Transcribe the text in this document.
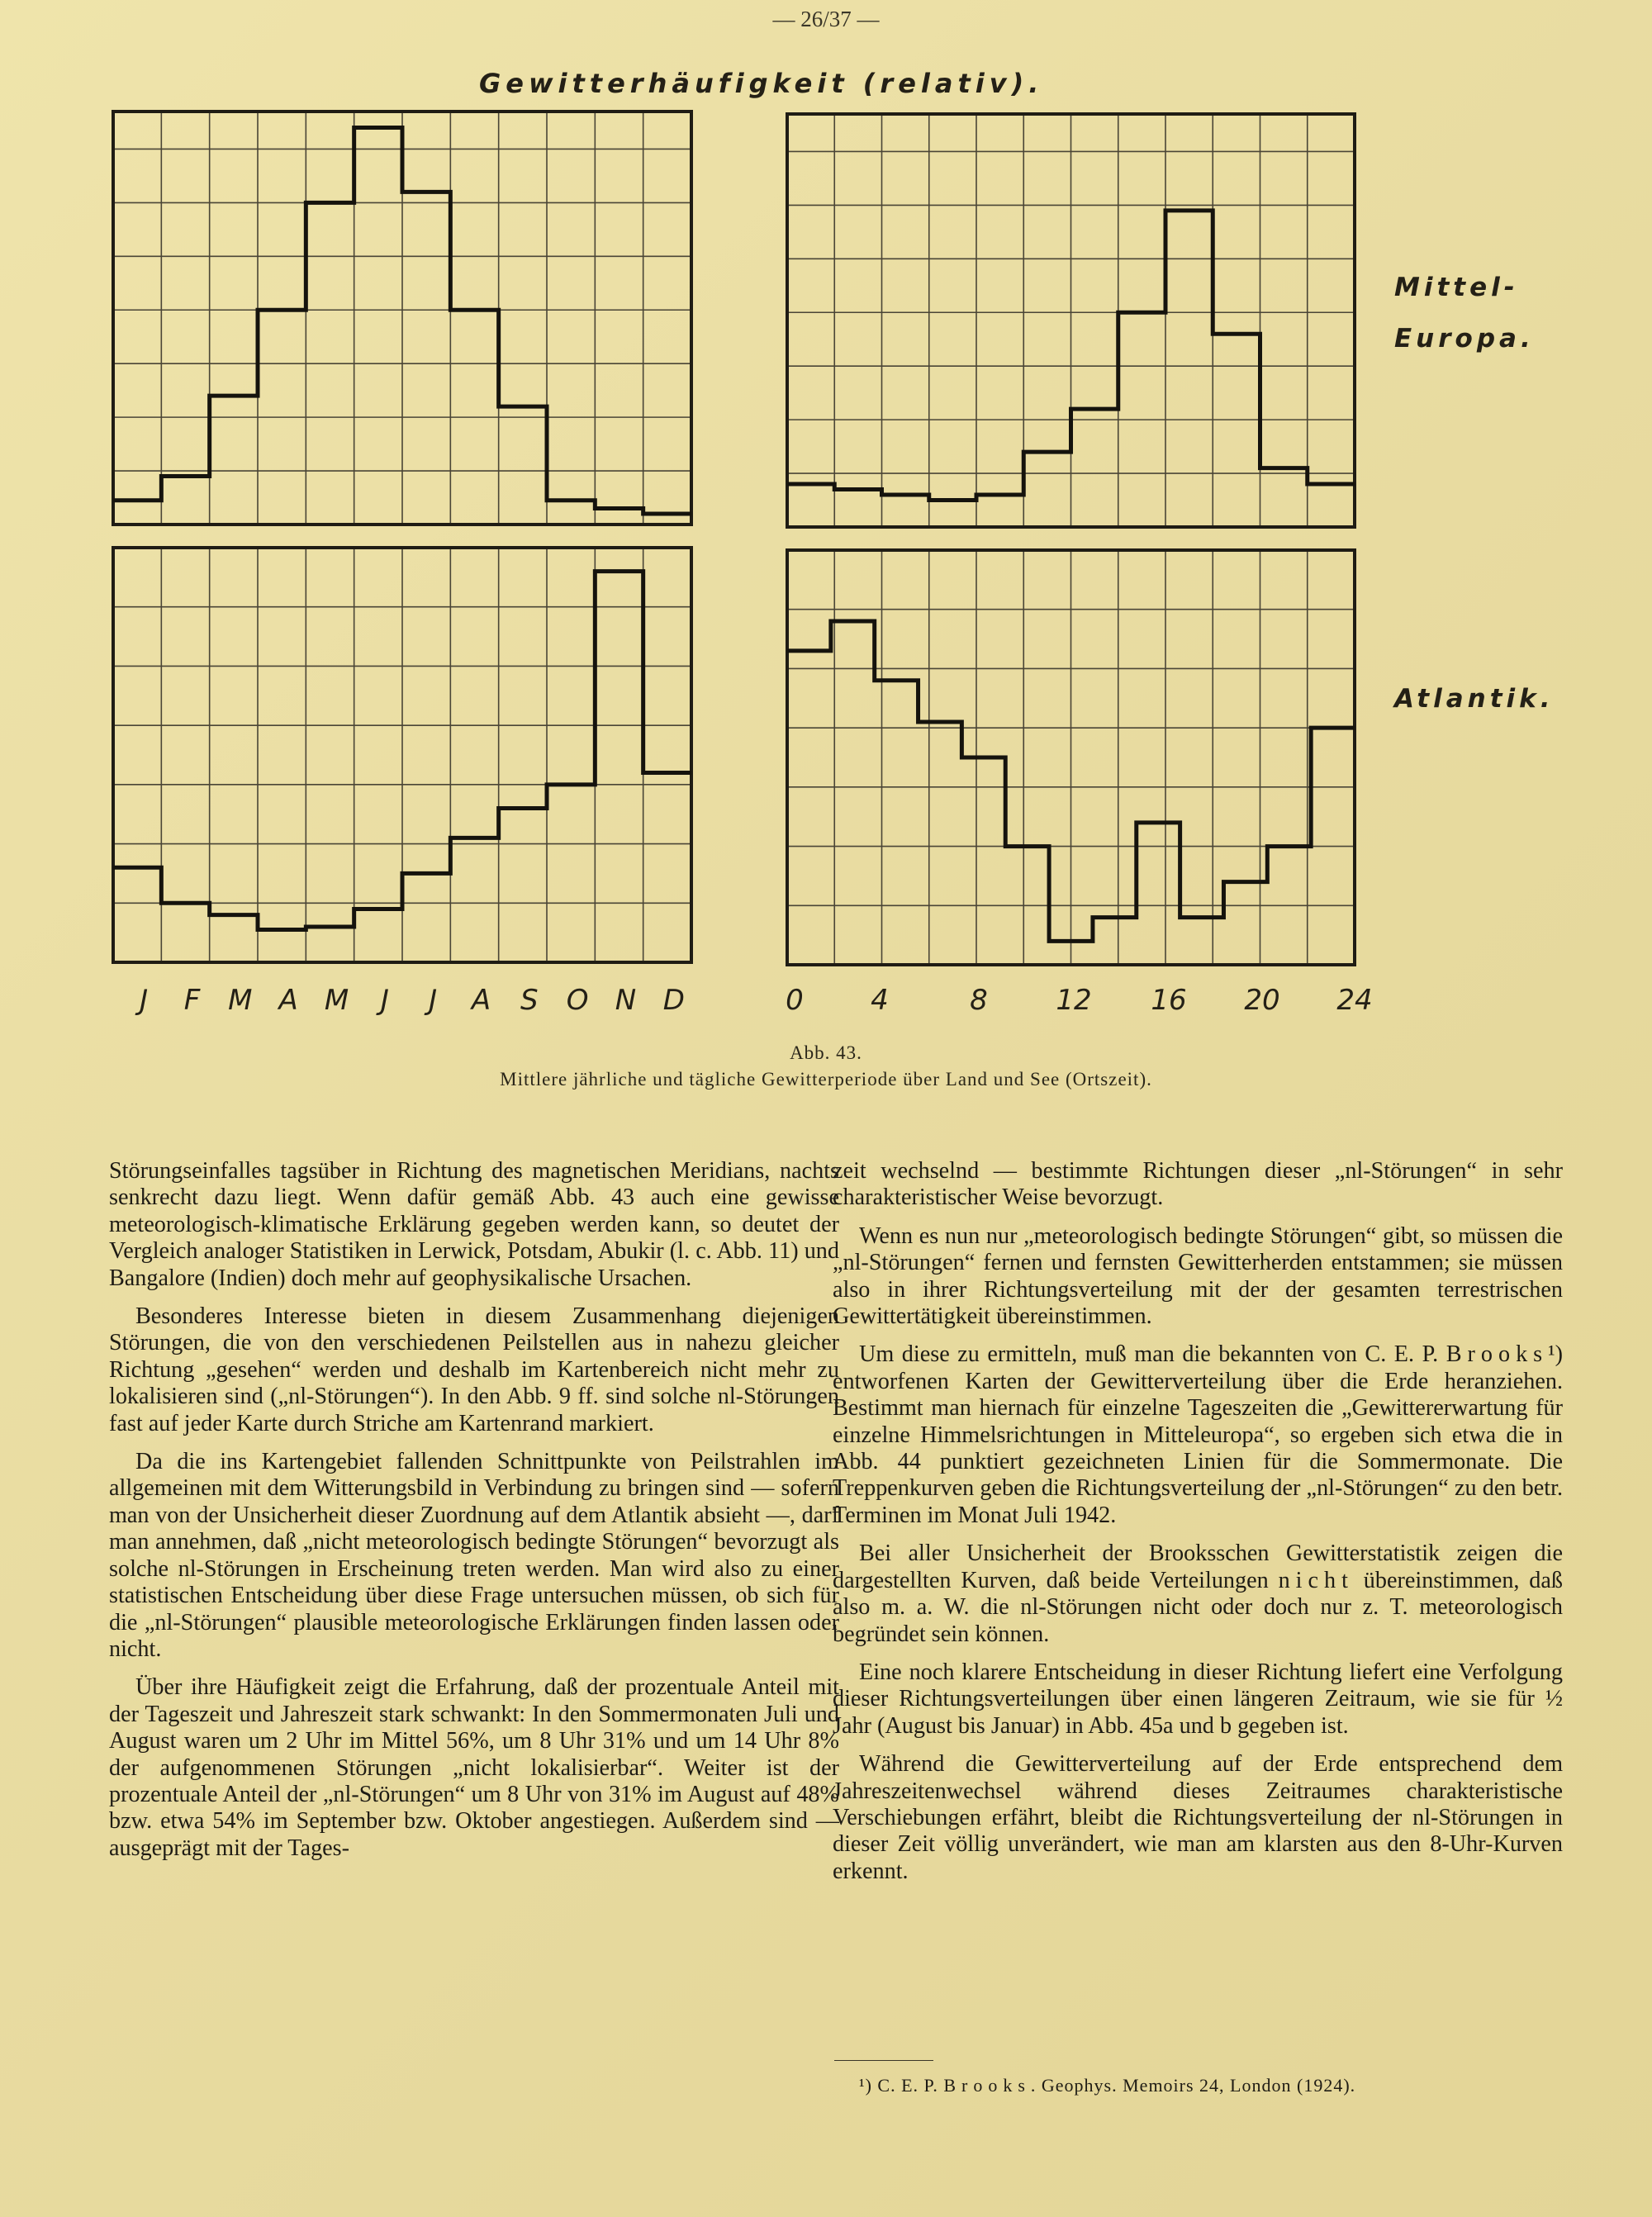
— 26/37 —
Gewitterhäufigkeit (relativ).
J F M A M J J A S O N D	0 4	8 12 16 20 24
Mittel-
Europa.
Atlantik.
Abb. 43.
Mittlere jährliche und tägliche Gewitterperiode über Land und See (Ortszeit).

Störungseinfalles tagsüber in Richtung des magnetischen Meridians, nachts senkrecht dazu liegt. Wenn dafür gemäß Abb. 43 auch eine gewisse meteorologisch-klimatische Erklärung gegeben werden kann, so deutet der Vergleich analoger Statistiken in Lerwick, Potsdam, Abukir (l. c. Abb. 11) und Bangalore (Indien) doch mehr auf geophysikalische Ursachen.

Besonderes Interesse bieten in diesem Zusammenhang diejenigen Störungen, die von den verschiedenen Peilstellen aus in nahezu gleicher Richtung „gesehen“ werden und deshalb im Kartenbereich nicht mehr zu lokalisieren sind („nl-Störungen“). In den Abb. 9 ff. sind solche nl-Störungen fast auf jeder Karte durch Striche am Kartenrand markiert.

Da die ins Kartengebiet fallenden Schnittpunkte von Peilstrahlen im allgemeinen mit dem Witterungsbild in Verbindung zu bringen sind — sofern man von der Unsicherheit dieser Zuordnung auf dem Atlantik absieht —, darf man annehmen, daß „nicht meteorologisch bedingte Störungen“ bevorzugt als solche nl-Störungen in Erscheinung treten werden. Man wird also zu einer statistischen Entscheidung über diese Frage untersuchen müssen, ob sich für die „nl-Störungen“ plausible meteorologische Erklärungen finden lassen oder nicht.

Über ihre Häufigkeit zeigt die Erfahrung, daß der prozentuale Anteil mit der Tageszeit und Jahreszeit stark schwankt: In den Sommermonaten Juli und August waren um 2 Uhr im Mittel 56%, um 8 Uhr 31% und um 14 Uhr 8% der aufgenommenen Störungen „nicht lokalisierbar“. Weiter ist der prozentuale Anteil der „nl-Störungen“ um 8 Uhr von 31% im August auf 48% bzw. etwa 54% im September bzw. Oktober angestiegen. Außerdem sind — ausgeprägt mit der Tages-

zeit wechselnd — bestimmte Richtungen dieser „nl-Störungen“ in sehr charakteristischer Weise bevorzugt.

Wenn es nun nur „meteorologisch bedingte Störungen“ gibt, so müssen die „nl-Störungen“ fernen und fernsten Gewitterherden entstammen; sie müssen also in ihrer Richtungsverteilung mit der der gesamten terrestrischen Gewittertätigkeit übereinstimmen.

Um diese zu ermitteln, muß man die bekannten von C. E. P. Brooks¹) entworfenen Karten der Gewitterverteilung über die Erde heranziehen. Bestimmt man hiernach für einzelne Tageszeiten die „Gewittererwartung für einzelne Himmelsrichtungen in Mitteleuropa“, so ergeben sich etwa die in Abb. 44 punktiert gezeichneten Linien für die Sommermonate. Die Treppenkurven geben die Richtungsverteilung der „nl-Störungen“ zu den betr. Terminen im Monat Juli 1942.

Bei aller Unsicherheit der Brooksschen Gewitterstatistik zeigen die dargestellten Kurven, daß beide Verteilungen nicht übereinstimmen, daß also m. a. W. die nl-Störungen nicht oder doch nur z. T. meteorologisch begründet sein können.

Eine noch klarere Entscheidung in dieser Richtung liefert eine Verfolgung dieser Richtungsverteilungen über einen längeren Zeitraum, wie sie für ½ Jahr (August bis Januar) in Abb. 45a und b gegeben ist.

Während die Gewitterverteilung auf der Erde entsprechend dem Jahreszeitenwechsel während dieses Zeitraumes charakteristische Verschiebungen erfährt, bleibt die Richtungsverteilung der nl-Störungen in dieser Zeit völlig unverändert, wie man am klarsten aus den 8-Uhr-Kurven erkennt.

¹) C. E. P. Brooks. Geophys. Memoirs 24, London (1924).
